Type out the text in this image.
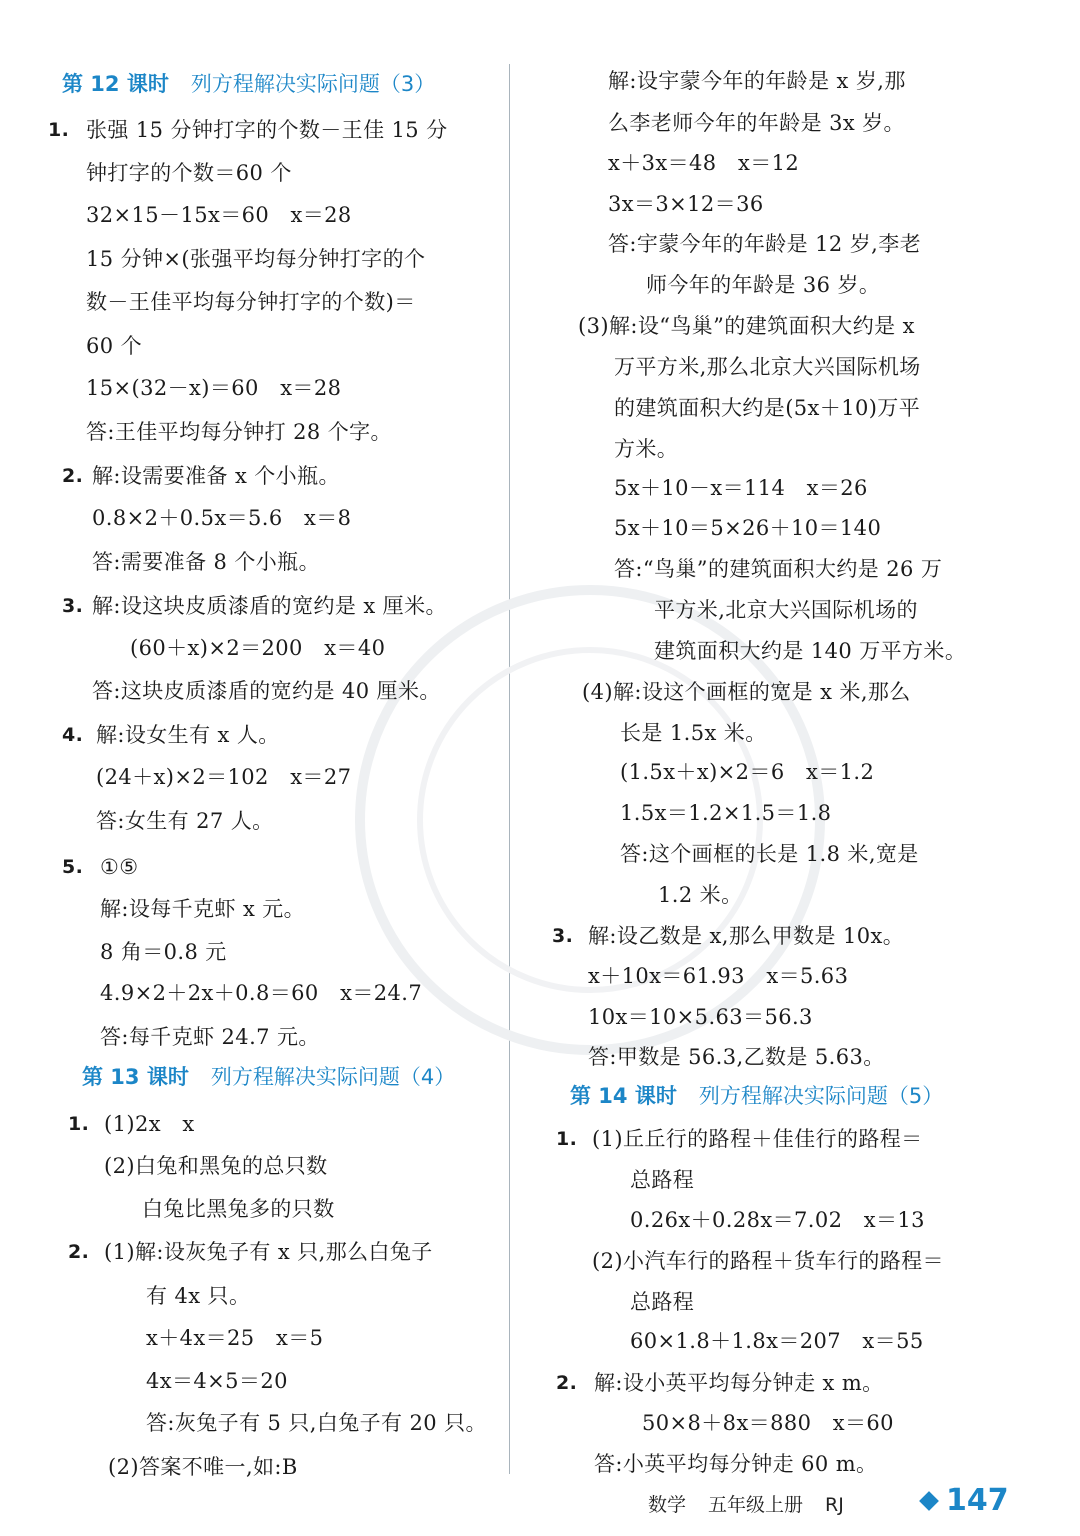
第 12 课时 列方程解决实际问题（3）
1. 张强 15 分钟打字的个数－王佳 15 分
钟打字的个数＝60 个
32×15－15x＝60　x＝28
15 分钟×(张强平均每分钟打字的个
数－王佳平均每分钟打字的个数)＝
60 个
15×(32－x)＝60　x＝28
答:王佳平均每分钟打 28 个字。
2. 解:设需要准备 x 个小瓶。
0.8×2＋0.5x＝5.6　x＝8
答:需要准备 8 个小瓶。
3. 解:设这块皮质漆盾的宽约是 x 厘米。
(60＋x)×2＝200　x＝40
答:这块皮质漆盾的宽约是 40 厘米。
4. 解:设女生有 x 人。
(24＋x)×2＝102　x＝27
答:女生有 27 人。
5. ①⑤
解:设每千克虾 x 元。
8 角＝0.8 元
4.9×2＋2x＋0.8＝60　x＝24.7
答:每千克虾 24.7 元。
第 13 课时 列方程解决实际问题（4）
1. (1)2x　x
(2)白兔和黑兔的总只数
白兔比黑兔多的只数
2. (1)解:设灰兔子有 x 只,那么白兔子
有 4x 只。
x＋4x＝25　x＝5
4x＝4×5＝20
答:灰兔子有 5 只,白兔子有 20 只。
(2)答案不唯一,如:B
解:设宇蒙今年的年龄是 x 岁,那
么李老师今年的年龄是 3x 岁。
x＋3x＝48　x＝12
3x＝3×12＝36
答:宇蒙今年的年龄是 12 岁,李老
师今年的年龄是 36 岁。
(3)解:设“鸟巢”的建筑面积大约是 x
万平方米,那么北京大兴国际机场
的建筑面积大约是(5x＋10)万平
方米。
5x＋10－x＝114　x＝26
5x＋10＝5×26＋10＝140
答:“鸟巢”的建筑面积大约是 26 万
平方米,北京大兴国际机场的
建筑面积大约是 140 万平方米。
(4)解:设这个画框的宽是 x 米,那么
长是 1.5x 米。
(1.5x＋x)×2＝6　x＝1.2
1.5x＝1.2×1.5＝1.8
答:这个画框的长是 1.8 米,宽是
1.2 米。
3. 解:设乙数是 x,那么甲数是 10x。
x＋10x＝61.93　x＝5.63
10x＝10×5.63＝56.3
答:甲数是 56.3,乙数是 5.63。
第 14 课时 列方程解决实际问题（5）
1. (1)丘丘行的路程＋佳佳行的路程＝
总路程
0.26x＋0.28x＝7.02　x＝13
(2)小汽车行的路程＋货车行的路程＝
总路程
60×1.8＋1.8x＝207　x＝55
2. 解:设小英平均每分钟走 x m。
50×8＋8x＝880　x＝60
答:小英平均每分钟走 60 m。
数学 五年级上册 RJ	147
